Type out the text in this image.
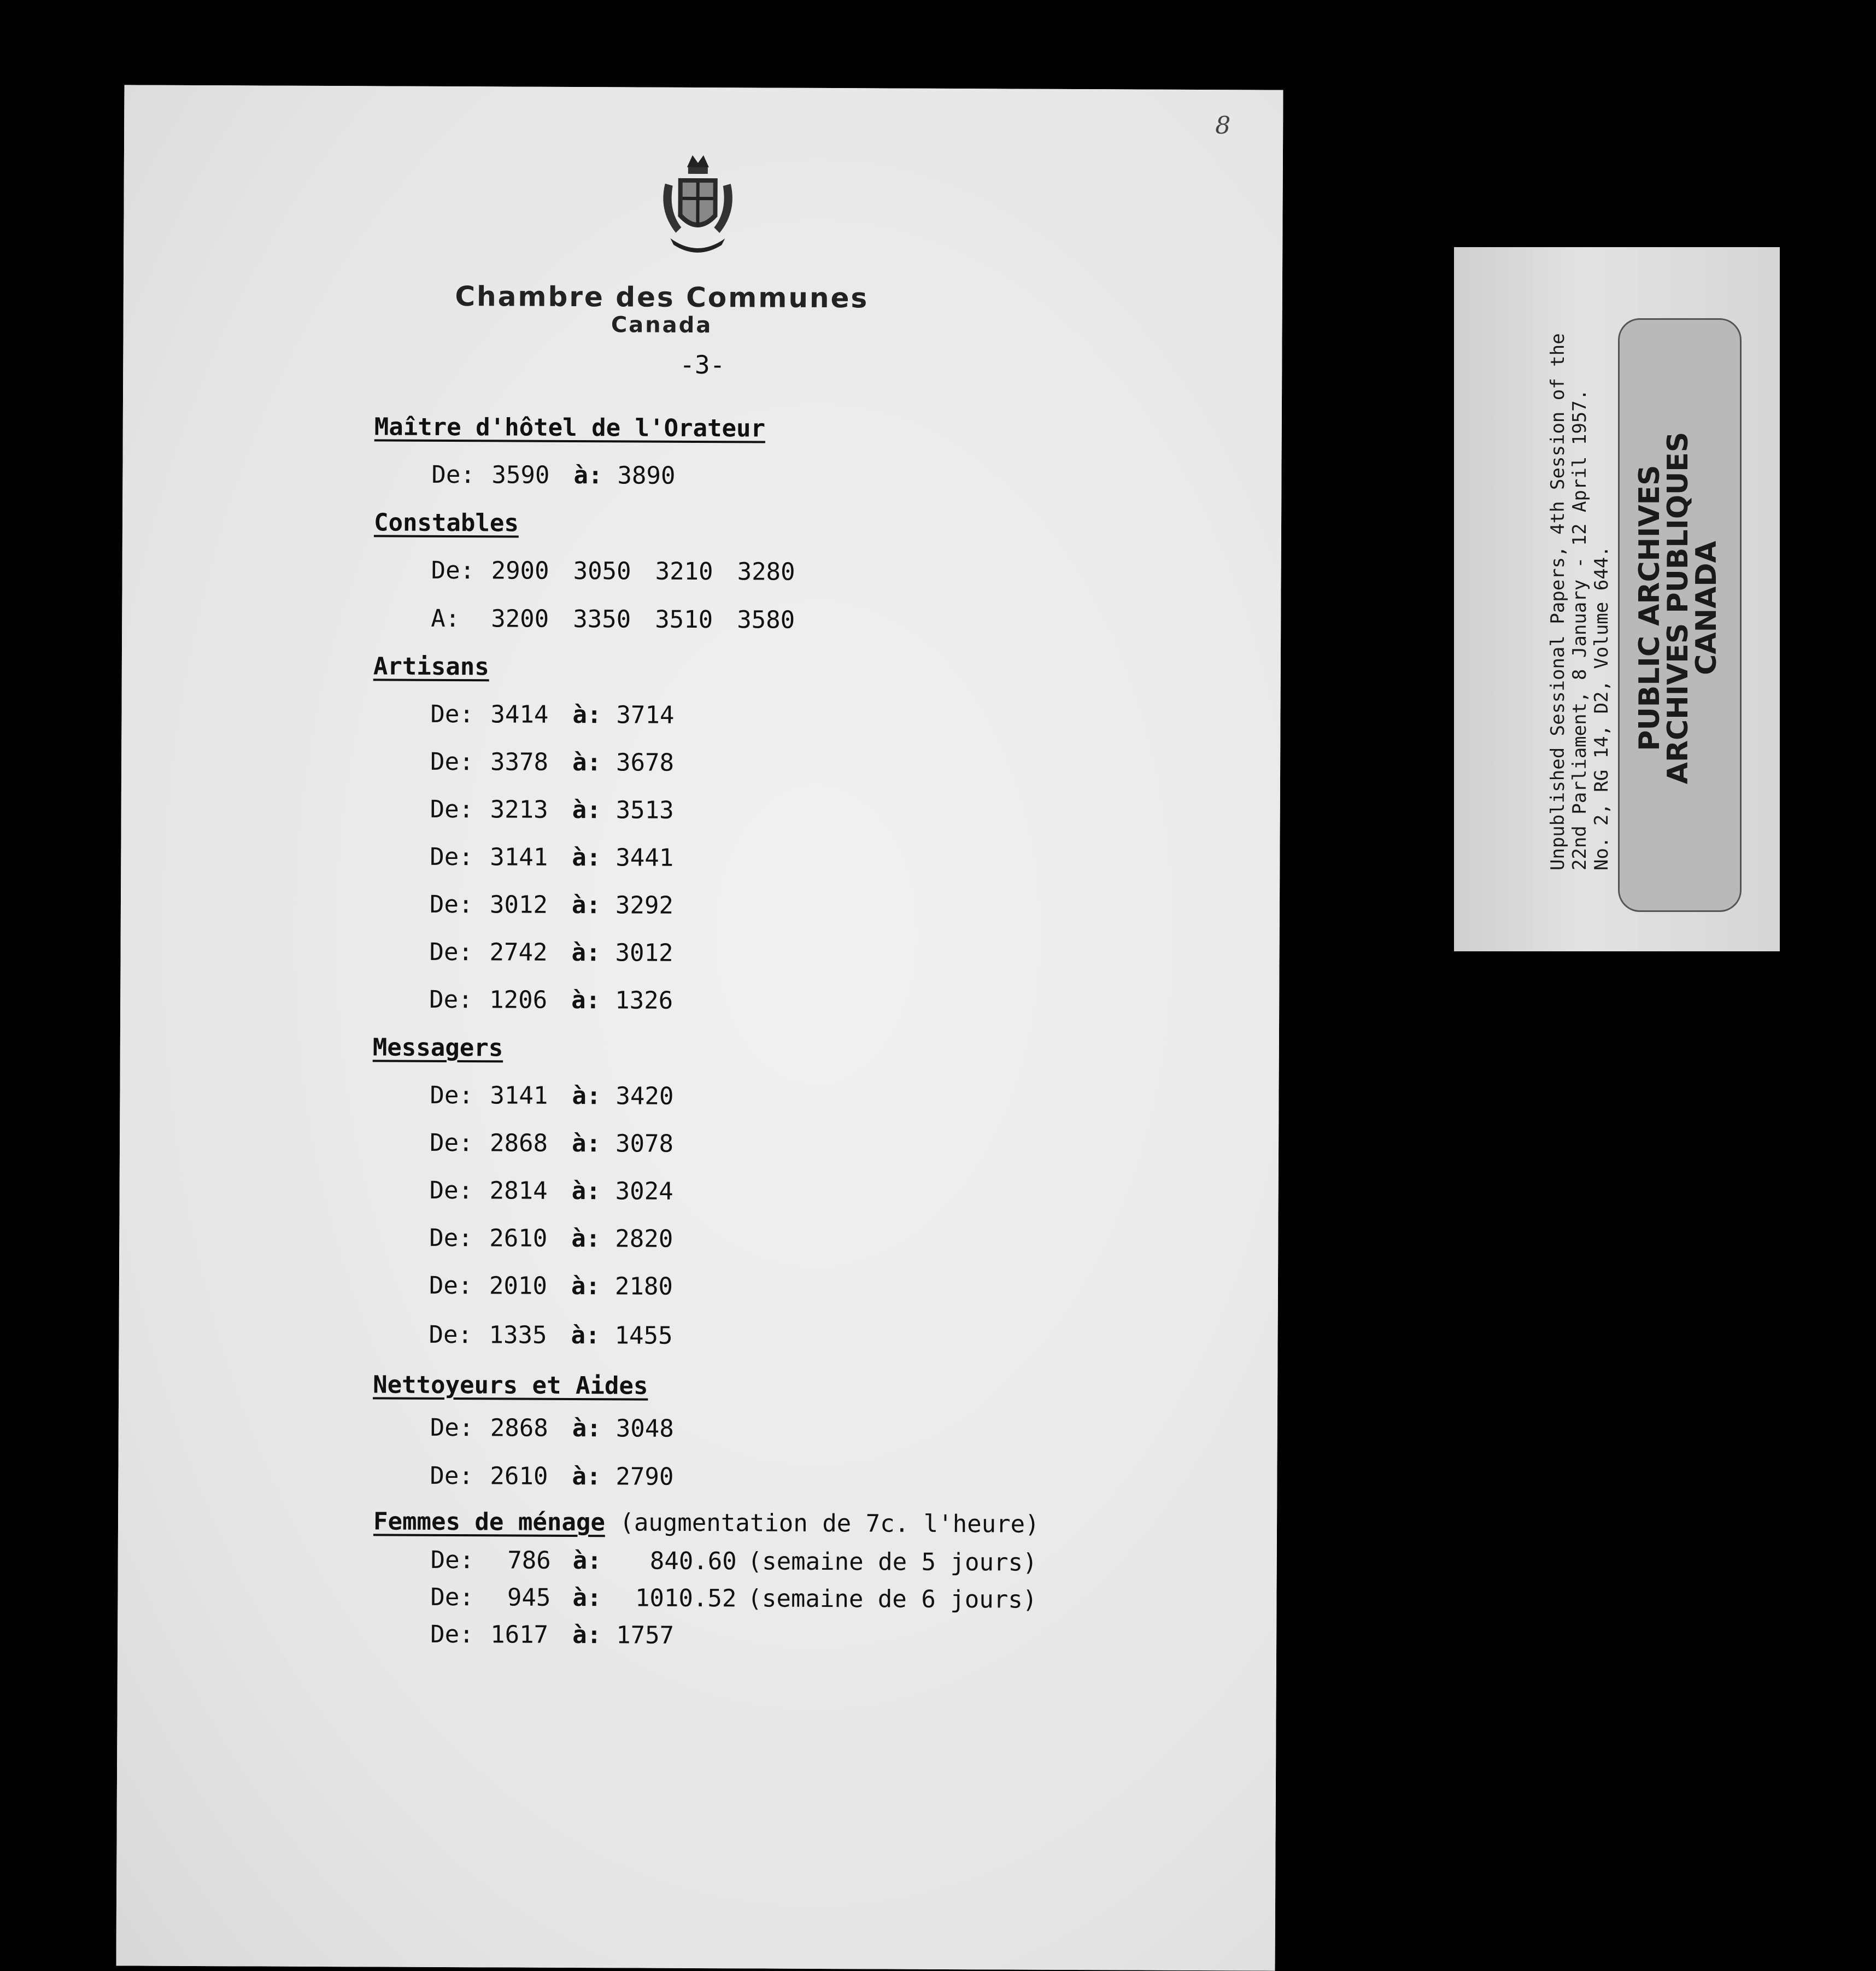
8
Chambre des Communes
Canada
-3-
Maître d'hôtel de l'Orateur
De: 3590 à: 3890
Constables
De: 2900 3050 3210 3280
A: 3200 3350 3510 3580
Artisans
De: 3414 à: 3714
De: 3378 à: 3678
De: 3213 à: 3513
De: 3141 à: 3441
De: 3012 à: 3292
De: 2742 à: 3012
De: 1206 à: 1326
Messagers
De: 3141 à: 3420
De: 2868 à: 3078
De: 2814 à: 3024
De: 2610 à: 2820
De: 2010 à: 2180
De: 1335 à: 1455
Nettoyeurs et Aides
De: 2868 à: 3048
De: 2610 à: 2790
Femmes de ménage (augmentation de 7c. l'heure)
De: 786 à: 840.60 (semaine de 5 jours)
De: 945 à: 1010.52 (semaine de 6 jours)
De: 1617 à: 1757
Unpublished Sessional Papers, 4th Session of the 22nd Parliament, 8 January - 12 April 1957. No. 2, RG 14, D2, Volume 644. PUBLIC ARCHIVES
ARCHIVES PUBLIQUES
CANADA
